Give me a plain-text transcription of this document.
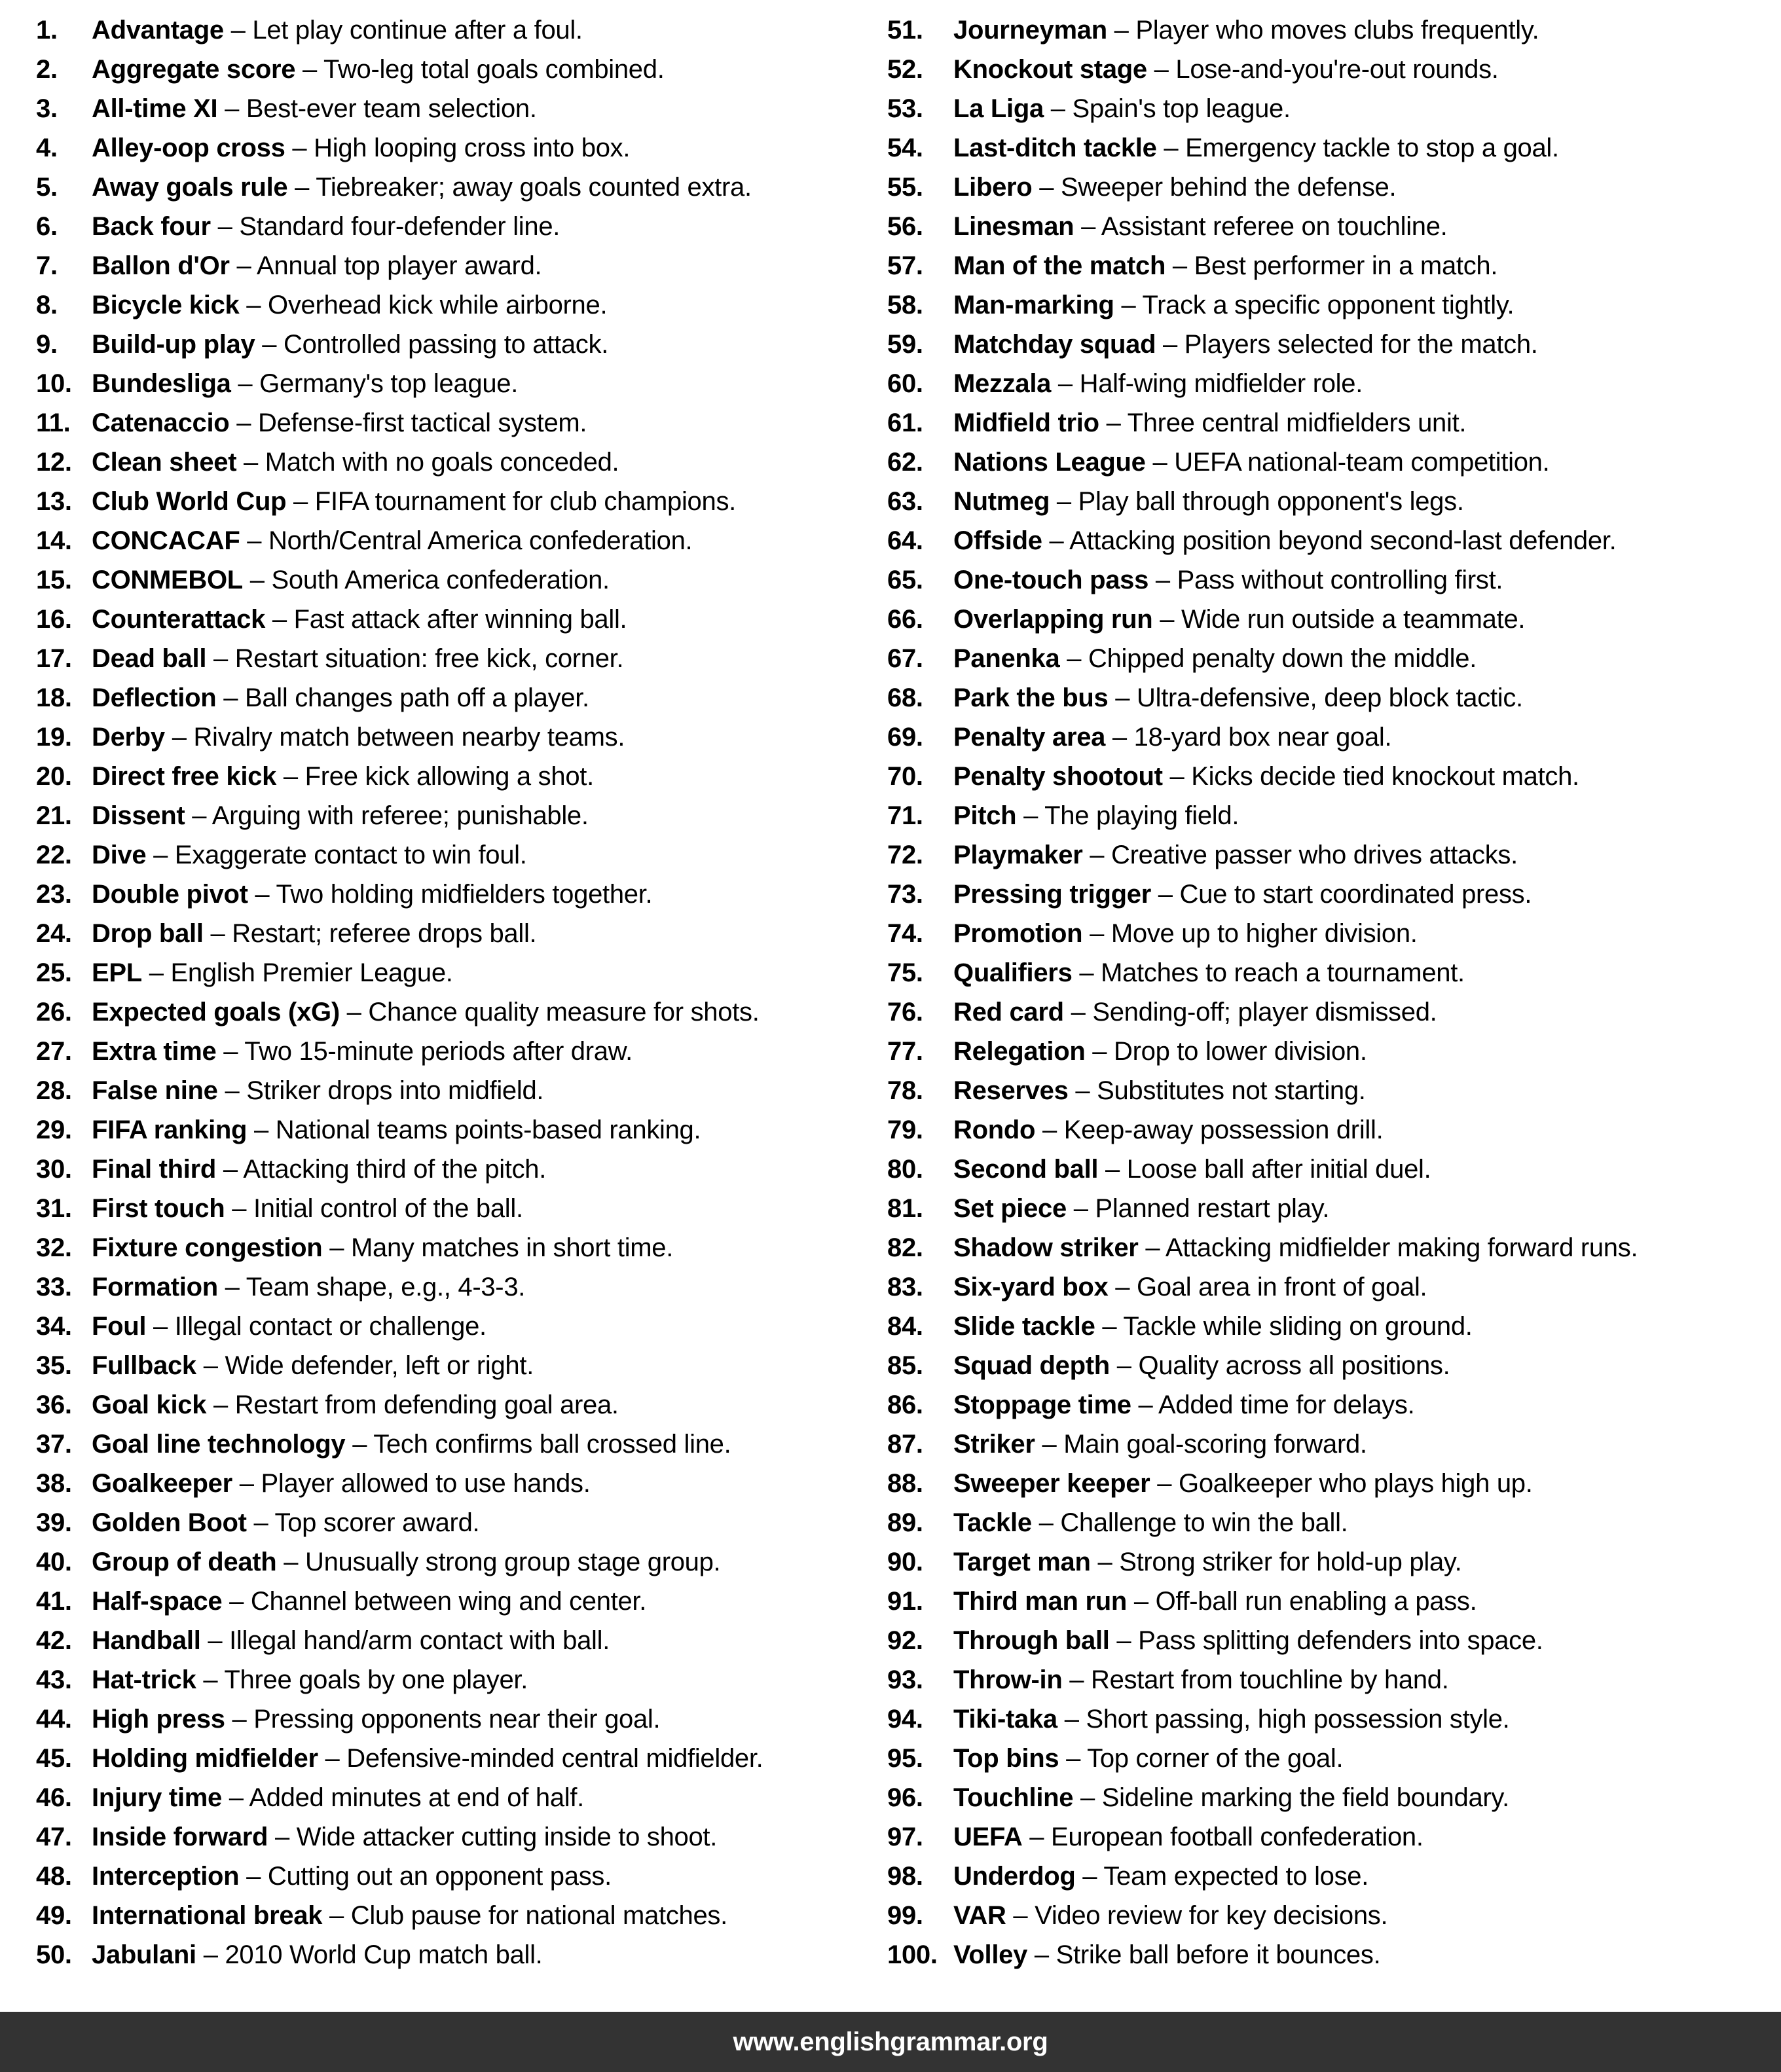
1.	Advantage – Let play continue after a foul.
2.	Aggregate score – Two-leg total goals combined.
3.	All-time XI – Best-ever team selection.
4.	Alley-oop cross – High looping cross into box.
5.	Away goals rule – Tiebreaker; away goals counted extra.
6.	Back four – Standard four-defender line.
7.	Ballon d'Or – Annual top player award.
8.	Bicycle kick – Overhead kick while airborne.
9.	Build-up play – Controlled passing to attack.
10. Bundesliga – Germany's top league.
11. Catenaccio – Defense-first tactical system.
12. Clean sheet – Match with no goals conceded.
13. Club World Cup – FIFA tournament for club champions.
14. CONCACAF – North/Central America confederation.
15. CONMEBOL – South America confederation.
16. Counterattack – Fast attack after winning ball.
17. Dead ball – Restart situation: free kick, corner.
18. Deflection – Ball changes path off a player.
19. Derby – Rivalry match between nearby teams.
20. Direct free kick – Free kick allowing a shot.
21. Dissent – Arguing with referee; punishable.
22. Dive – Exaggerate contact to win foul.
23. Double pivot – Two holding midfielders together.
24. Drop ball – Restart; referee drops ball.
25. EPL – English Premier League.
26. Expected goals (xG) – Chance quality measure for shots.
27. Extra time – Two 15-minute periods after draw.
28. False nine – Striker drops into midfield.
29. FIFA ranking – National teams points-based ranking.
30. Final third – Attacking third of the pitch.
31. First touch – Initial control of the ball.
32. Fixture congestion – Many matches in short time.
33. Formation – Team shape, e.g., 4-3-3.
34. Foul – Illegal contact or challenge.
35. Fullback – Wide defender, left or right.
36. Goal kick – Restart from defending goal area.
37. Goal line technology – Tech confirms ball crossed line.
38. Goalkeeper – Player allowed to use hands.
39. Golden Boot – Top scorer award.
40. Group of death – Unusually strong group stage group.
41. Half-space – Channel between wing and center.
42. Handball – Illegal hand/arm contact with ball.
43. Hat-trick – Three goals by one player.
44. High press – Pressing opponents near their goal.
45. Holding midfielder – Defensive-minded central midfielder.
46. Injury time – Added minutes at end of half.
47. Inside forward – Wide attacker cutting inside to shoot.
48. Interception – Cutting out an opponent pass.
49. International break – Club pause for national matches.
50. Jabulani – 2010 World Cup match ball.
51.	Journeyman – Player who moves clubs frequently.
52.	Knockout stage – Lose-and-you're-out rounds.
53.	La Liga – Spain's top league.
54.	Last-ditch tackle – Emergency tackle to stop a goal.
55.	Libero – Sweeper behind the defense.
56.	Linesman – Assistant referee on touchline.
57.	Man of the match – Best performer in a match.
58.	Man-marking – Track a specific opponent tightly.
59.	Matchday squad – Players selected for the match.
60.	Mezzala – Half-wing midfielder role.
61.	Midfield trio – Three central midfielders unit.
62.	Nations League – UEFA national-team competition.
63.	Nutmeg – Play ball through opponent's legs.
64.	Offside – Attacking position beyond second-last defender.
65.	One-touch pass – Pass without controlling first.
66.	Overlapping run – Wide run outside a teammate.
67.	Panenka – Chipped penalty down the middle.
68.	Park the bus – Ultra-defensive, deep block tactic.
69.	Penalty area – 18-yard box near goal.
70.	Penalty shootout – Kicks decide tied knockout match.
71.	Pitch – The playing field.
72.	Playmaker – Creative passer who drives attacks.
73.	Pressing trigger – Cue to start coordinated press.
74.	Promotion – Move up to higher division.
75.	Qualifiers – Matches to reach a tournament.
76.	Red card – Sending-off; player dismissed.
77.	Relegation – Drop to lower division.
78.	Reserves – Substitutes not starting.
79.	Rondo – Keep-away possession drill.
80.	Second ball – Loose ball after initial duel.
81.	Set piece – Planned restart play.
82.	Shadow striker – Attacking midfielder making forward runs.
83.	Six-yard box – Goal area in front of goal.
84.	Slide tackle – Tackle while sliding on ground.
85.	Squad depth – Quality across all positions.
86.	Stoppage time – Added time for delays.
87.	Striker – Main goal-scoring forward.
88.	Sweeper keeper – Goalkeeper who plays high up.
89.	Tackle – Challenge to win the ball.
90.	Target man – Strong striker for hold-up play.
91.	Third man run – Off-ball run enabling a pass.
92.	Through ball – Pass splitting defenders into space.
93.	Throw-in – Restart from touchline by hand.
94.	Tiki-taka – Short passing, high possession style.
95.	Top bins – Top corner of the goal.
96.	Touchline – Sideline marking the field boundary.
97.	UEFA – European football confederation.
98.	Underdog – Team expected to lose.
99.	VAR – Video review for key decisions.
100. Volley – Strike ball before it bounces.
www.englishgrammar.org
